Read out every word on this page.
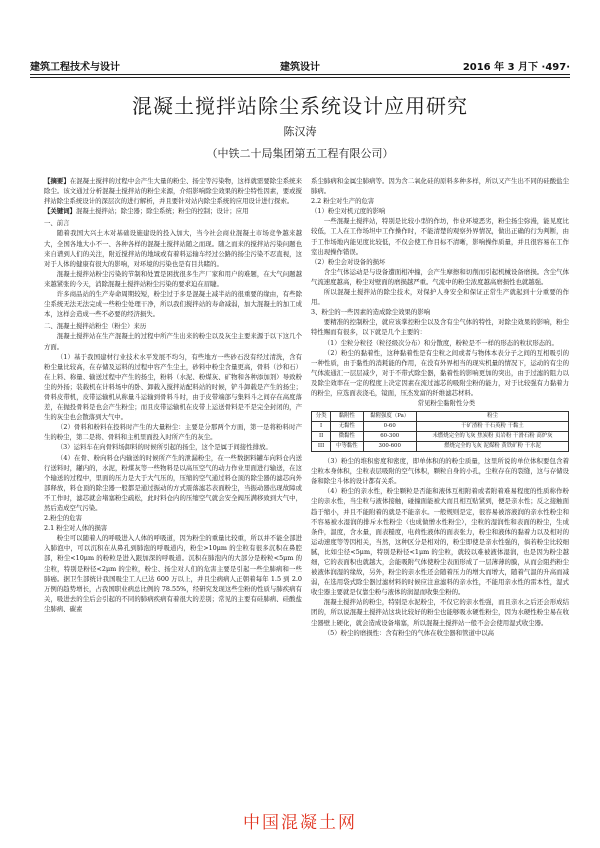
建筑工程技术与设计	建筑设计	2016 年 3 月下 ·497·
混凝土搅拌站除尘系统设计应用研究
陈汉涛
（中铁二十局集团第五工程有限公司）

【摘要】在混凝土搅拌的过程中会产生大量的粉尘、扬尘等污染物，这样就需要除尘系统来除尘。该文通过分析混凝土搅拌站的粉尘来源，介绍影响除尘效果的粉尘特性因素，要或搅拌站除尘系统设计的深层次的进行解析，并且要针对站内除尘系统的应用设计进行探索。

【关键词】混凝土搅拌站；除尘器；除尘系统；粉尘的控制；设计；应用

一、前言

随着我国大兴土木对基础设施建设的投入加大，当今社会商业混凝土市场竞争越来越大，全国各地大小不一、各种各样的混凝土搅拌站随之而现。随之而来的搅拌站污染问题也来自谱到人们的关注，附近搅拌站的地域或有着料运输车经过公路的扬尘污染不忍直视，这对于人体的健康有很大的影响，对环境的污染也是有目共睹的。

混凝土搅拌站粉尘污染的节制和处置是困扰很多生产厂家和用户的难题，在大气问题越来越紧张的今天，消除混凝土搅拌站粉尘污染的要求迫在眉睫。

许多商品站的生产寿命周期较短，粉尘过于多是混凝土减半站的很重要的缘由，有些除尘系统无法无法完成一些粉尘处理干净，所以我们搅拌站的寿命减弱，加大混凝土的加工成本，这样会造成一些不必要的经济损失。

二、混凝土搅拌站粉尘（粉尘）来历

混凝土搅拌站在生产混凝土的过程中所产生出来的粉尘以及灰尘主要来源于以下这几个方面。

（1）基于我国建材行业技术水平发展不均匀，有些地方一些砂石没有经过清洗，含有粉尘量比较高，在存储及运料的过程中容产生尘土，砂料中粉尘含量更高，骨料（沙和石）在上料、称量、输送过程中产生的扬尘，粉料（水泥、粉煤灰、矿物和各种添加剂）导致粉尘的外扬；装载机在计料场中的卧、卸载入搅拌站配料站的时候，铲斗卸载是产生的扬尘；骨料皮带机，皮带运输机从称量斗运输到骨料斗时，由于皮带端部与集料斗之间存在高度落差，在抛投骨料是也会产生粉尘；而且皮带运输机在皮带上运送骨料是不是完全封闭的，产生的灰尘也会散落到大气中。

（2）骨料和粉料在投料时产生的大量粉尘：主要是分那两个方面，第一是将粉料时产生的粉尘，第二是将、骨料和主机里面投入时所产生的灰尘。

（3）运料车在向骨料场卸料的时候所引起的扬尘，这个是属于间接性排放。

（4）在骨、粉向料仓内输送的时候所产生的泄漏粉尘，在一些数据料罐车向料仓内送行送料时，罐内的，水泥，粉煤灰等一些物料是以高压空气的动力作业里面进行输送，在这个输送的过程中，里面的压力是大于大气压的，压缩的空气通过料仓顶的除尘器的滤芯向外部释放，料仓顶的除尘器一般都是通过振动的方式震落滤芯表面粉尘，当振动器出现故障或不工作时，滤芯就会堵塞粉尘疏松，此时料仓内的压缩空气就会安全阀压满移致到大气中，然后造成空气污染。

2.粉尘的危害

2.1 粉尘对人体的损害

粉尘可以随着人的呼吸进入人体的呼吸道，因为粉尘的重量比较重，所以并不能全部进入肺泡中，可以沉积在从鼻孔到肺泡的呼吸道内，粉尘>10μm 的尘粒有很多沉积在鼻腔部，粉尘<10μm 的粉粒是进入跟加深的呼吸道。沉积在肺泡内的大部分是粉粒<5μm 的尘粒，特别是粉径<2μm 的尘粒，粉尘、扬尘对人们的危害主要是引起一些尘肺病和一些肺癌。据卫生部统计我国吸尘工人已达 600 万以上，并且尘病病人正朝着每年 1.5 到 2.0 万例的趋势增长，占我国职业病总比例的 78.55%，经研究发现这些尘粉的性质与肺疾病有关，吸进去的尘后会引起的不同的肺病疾病有着很大的差别；常见的主要有硅肺病、硅酸盐尘肺病、碳素

系尘肺病和金属尘肺病等。因为含二氧化硅的原料多种多样，所以又产生出不同的硅酸盐尘肺病。

2.2 粉尘对生产的危害

（1）粉尘对机元度的影响

一些混凝土搅拌站，特别是比较小型的作坊，作业环境恶劣，粉尘扬尘弥漫，能见度比较低，工人在工作场坦中工作操作时，不能清楚的观察外界情况，做出正确的行为判断，由于工作场地内能见度比较低，不仅会使工作目标不清晰，影响操作质量，并且很容易在工作室出现操作错误。

（2）粉尘会对设备的损坏

含尘气体运动是与设备遭面相冲撞，会产生摩擦和切削而引起机械设备磨损。含尘气体气流速度越高，粉尘对壁面的磨损越严重。气流中的粉尘浓度越高磨损性也就越强。

所以混凝土搅拌站的除尘技术，对保护人身安全和保证正常生产就起到十分重要的作用。

3、粉尘的一些因素的造成除尘效果的影响

要精准的控制粉尘，就应该掌控粉尘以及含有尘气体的特性，对除尘效果的影响，粉尘特性赐而有很多，以下就是几个主要的：

（1）尘粒分粒径（粒径级次分布）和分散度，粉粒是不一样的形态的粒状形态的。

（2）粉尘的黏着性，这种黏着性是有尘粒之间或者与物体本表分子之间的互相吸引的一种性质，由于黏性的消耗能的作用，在没有外界相当的现实机量的情况下，运动的有尘的气体流通汇一层层减少，对于不带式除尘器，黏着性的影响更加的突出，由于过滤的阻力以及除尘效率在一定的程度上决定因素在流过滤芯的吸附尘粉的能力，对于比较强有力黏着力的粉尘，应选面表浇毛，镜面，压杰发富的纤维滤芯材料。

常见粉尘黏附性分类

分类	黏附性	黏附强度（Pa）	粉尘
I	无黏性	0-60	干矿渣粉 干石英粉 干黏土
II	微黏性	60-300	未燃烧完全的飞灰 焦炭粉 页岩粉 干滑石粉 高炉灰
III	中等黏性	300-600	燃烧完全的飞灰 泥煤粉 黄铁矿粉 干水泥

（3）粉尘的堆积密度和密度，即单体积的的粉尘质量，这里所说的单位体积要包含着尘粒本身体积，尘粒表层吸附的空气体积，颗粒自身的小孔，尘粒存在的裂缝，这与存储设备和除尘斗体的设计都有关系。

（4）粉尘的亲水性，粉尘颗粒是否能和液体互相附着或者附着难易程度的性质称作粉尘的亲水性，当尘粒与液体接触，碰撞面能被大而且相互贴紧到，便是亲水性；反之接触面趋于缩小，并且不能附着的就是不能亲水。一般规则是定，很容易被溶液润的亲水性粉尘和不容易被水湿润的排斥水性粉尘（也成做憎水性粉尘），尘粒的湿润性和表面的粉尘，生成条件，温度，含水量，面表糙度，电荷性液体的面表张力，粉尘和液体的黏着力以及相对的运动速度等等因相关，当然，这种区分是相对的，粉尘即使是亲水性强的，倘若粉尘比较细腻，比如尘径<5μm，特别是粉径<1μm 的尘粒，就较以难被液体湿润，也是因为粉尘越细，它的表面积也就越大，会能吸附气体使粉尘表面形成了一层薄薄的膜，从而会阻挡粉尘被液体润湿的缘故，另外，粉尘的亲水性还会随着压力的增大而增大，随着气温的升高而减弱，在选用袋式除尘器过滤材料的时候应注意滤料的亲水性，不能用亲水性的雷本性，湿式收尘器主要就是仅靠尘粉与液体的润湿而收集尘粉的。

混凝土搅拌站的粉尘，特别是水泥粉尘，不仅它的亲水性强，而且亲水之后还会形成结团的，所以说混凝土搅拌站这块比较好的粉尘也能够吸水硬性粉尘，因为水硬性粉尘易在收尘器壁上硬化，就会造成设备堵塞，所以混凝土搅拌站一般不会会使用湿式收尘器。

（5）粉尘的磨损性：含有粉尘的气体在收尘器和管道中以高

中国混凝土网
